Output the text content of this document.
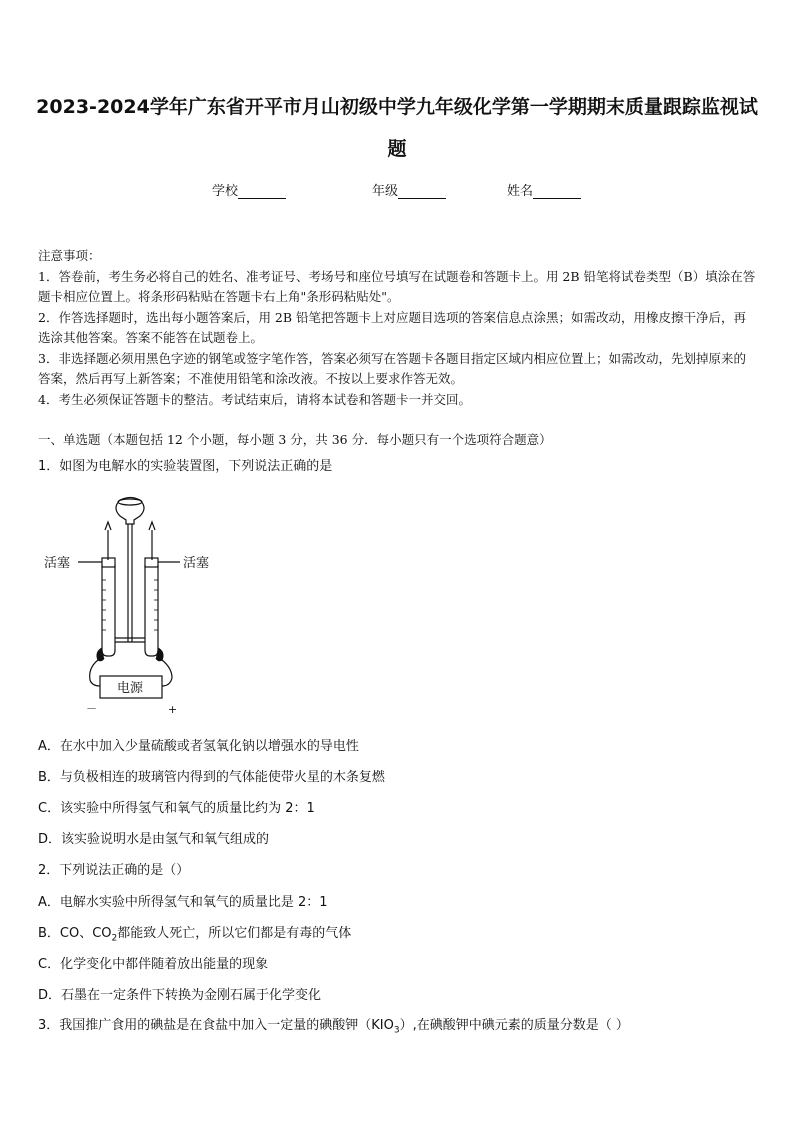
2023-2024学年广东省开平市月山初级中学九年级化学第一学期期末质量跟踪监视试
题
学校	年级	姓名

注意事项：

1．答卷前，考生务必将自己的姓名、准考证号、考场号和座位号填写在试题卷和答题卡上。用 2B 铅笔将试卷类型（B）填涂在答题卡相应位置上。将条形码粘贴在答题卡右上角"条形码粘贴处"。

2．作答选择题时，选出每小题答案后，用 2B 铅笔把答题卡上对应题目选项的答案信息点涂黑；如需改动，用橡皮擦干净后，再选涂其他答案。答案不能答在试题卷上。

3．非选择题必须用黑色字迹的钢笔或签字笔作答，答案必须写在答题卡各题目指定区域内相应位置上；如需改动，先划掉原来的答案，然后再写上新答案；不准使用铅笔和涂改液。不按以上要求作答无效。

4．考生必须保证答题卡的整洁。考试结束后，请将本试卷和答题卡一并交回。

一、单选题（本题包括 12 个小题，每小题 3 分，共 36 分．每小题只有一个选项符合题意）
1．如图为电解水的实验装置图，下列说法正确的是
活塞	活塞
电源
－	+
A．在水中加入少量硫酸或者氢氧化钠以增强水的导电性
B．与负极相连的玻璃管内得到的气体能使带火星的木条复燃
C．该实验中所得氢气和氧气的质量比约为 2：1
D．该实验说明水是由氢气和氧气组成的
2．下列说法正确的是（）
A．电解水实验中所得氢气和氧气的质量比是 2：1
B．CO、$CO_2$都能致人死亡，所以它们都是有毒的气体
C．化学变化中都伴随着放出能量的现象
D．石墨在一定条件下转换为金刚石属于化学变化
3．我国推广食用的碘盐是在食盐中加入一定量的碘酸钾$(KIO_3)$,在碘酸钾中碘元素的质量分数是（ ）
